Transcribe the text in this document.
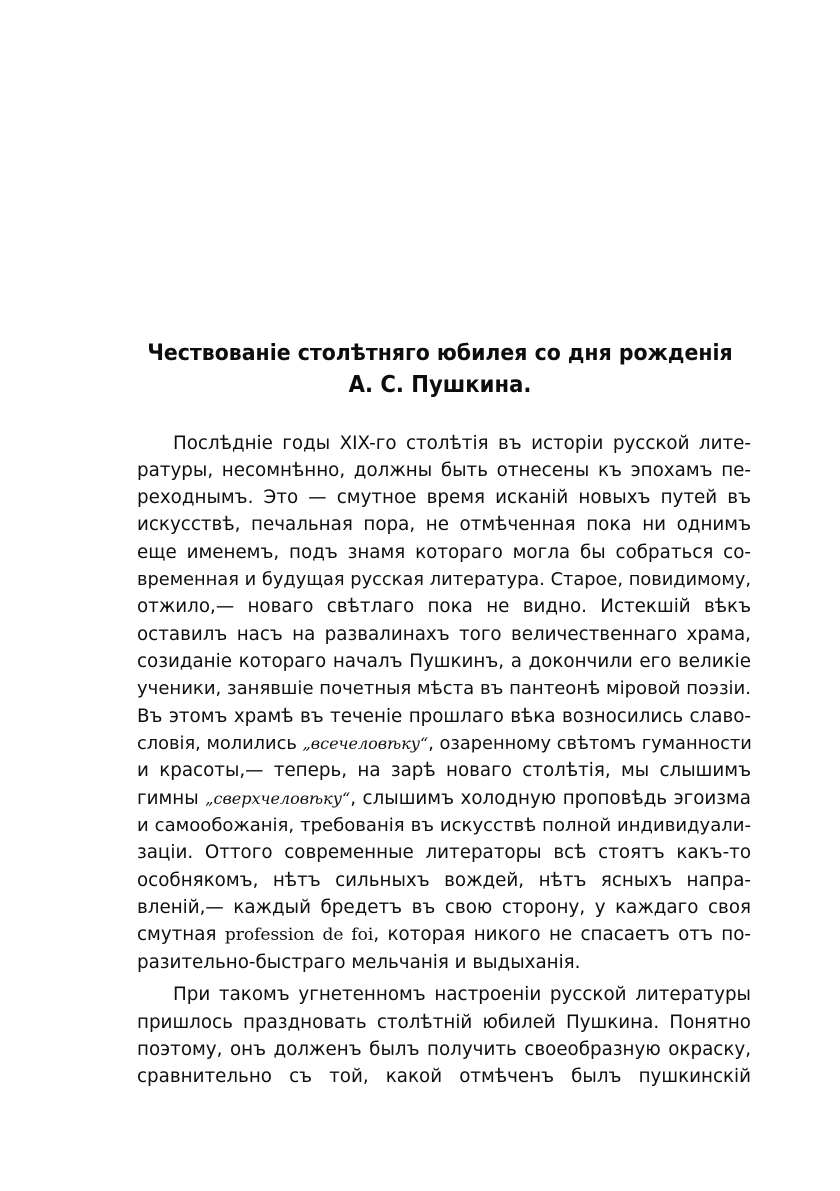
Чествованіе столѣтняго юбилея со дня рожденія
А. С. Пушкина.
Послѣдніе годы XIX-го столѣтія въ исторіи русской лите-
ратуры, несомнѣнно, должны быть отнесены къ эпохамъ пе-
реходнымъ. Это — смутное время исканій новыхъ путей въ
искусствѣ, печальная пора, не отмѣченная пока ни однимъ
еще именемъ, подъ знамя котораго могла бы собраться со-
временная и будущая русская литература. Старое, повидимому,
отжило,— новаго свѣтлаго пока не видно. Истекшій вѣкъ
оставилъ насъ на развалинахъ того величественнаго храма,
созиданіе котораго началъ Пушкинъ, а докончили его великіе
ученики, занявшіе почетныя мѣста въ пантеонѣ міровой поэзіи.
Въ этомъ храмѣ въ теченіе прошлаго вѣка возносились славо-
словія, молились „всечеловѣку“, озаренному свѣтомъ гуманности
и красоты,— теперь, на зарѣ новаго столѣтія, мы слышимъ
гимны „сверхчеловѣку“, слышимъ холодную проповѣдь эгоизма
и самообожанія, требованія въ искусствѣ полной индивидуали-
заціи. Оттого современные литераторы всѣ стоятъ какъ-то
особнякомъ, нѣтъ сильныхъ вождей, нѣтъ ясныхъ напра-
вленій,— каждый бредетъ въ свою сторону, у каждаго своя
смутная profession de foi, которая никого не спасаетъ отъ по-
разительно-быстраго мельчанія и выдыханія.
При такомъ угнетенномъ настроеніи русской литературы
пришлось праздновать столѣтній юбилей Пушкина. Понятно
поэтому, онъ долженъ былъ получить своеобразную окраску,
сравнительно съ той, какой отмѣченъ былъ пушкинскій
